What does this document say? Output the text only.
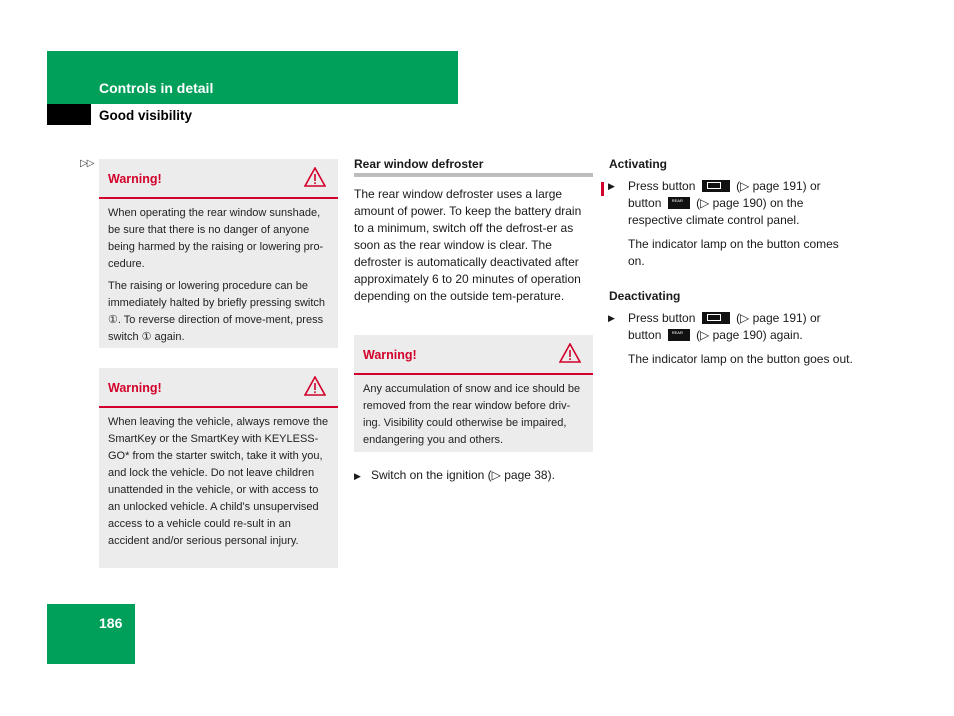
Controls in detail
Good visibility
▷▷
Warning!

When operating the rear window sunshade, be sure that there is no danger of anyone being harmed by the raising or lowering pro-cedure.

The raising or lowering procedure can be immediately halted by briefly pressing switch ①. To reverse direction of move-ment, press switch ① again.

Warning!

When leaving the vehicle, always remove the SmartKey or the SmartKey with KEYLESS-GO* from the starter switch, take it with you, and lock the vehicle. Do not leave children unattended in the vehicle, or with access to an unlocked vehicle. A child's unsupervised access to a vehicle could re-sult in an accident and/or serious personal injury.

Rear window defroster
The rear window defroster uses a large amount of power. To keep the battery drain to a minimum, switch off the defrost-er as soon as the rear window is clear. The defroster is automatically deactivated after approximately 6 to 20 minutes of operation depending on the outside tem-perature.
Warning!

Any accumulation of snow and ice should be removed from the rear window before driv-ing. Visibility could otherwise be impaired, endangering you and others.

▶ Switch on the ignition (▷ page 38).
Activating
▶ Press button	(▷ page 191) or button	REAR (▷ page 190) on the respective climate control panel.
The indicator lamp on the button comes on.
Deactivating
▶ Press button	(▷ page 191) or button	REAR (▷ page 190) again.
The indicator lamp on the button goes out.
186
